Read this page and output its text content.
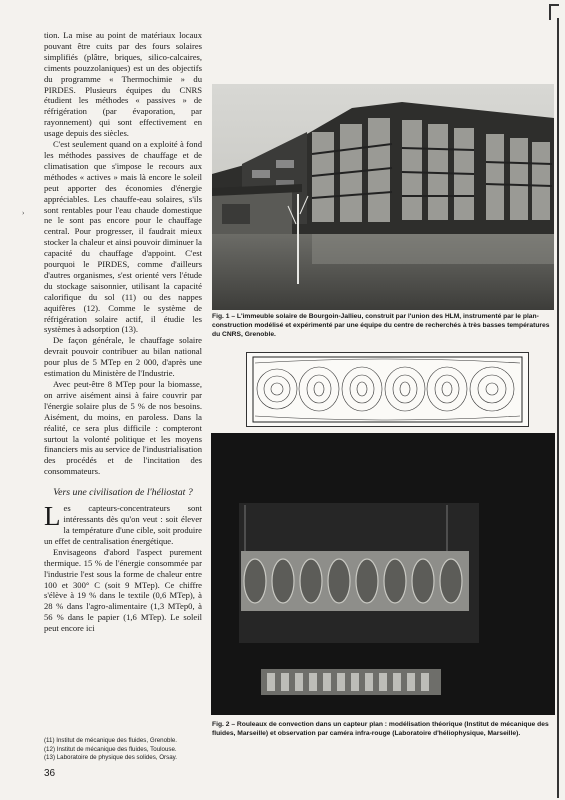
›

tion. La mise au point de matériaux locaux pouvant être cuits par des fours solaires simplifiés (plâtre, briques, silico-calcaires, ciments pouzzolaniques) est un des objectifs du programme « Thermochimie » du PIRDES. Plusieurs équipes du CNRS étudient les méthodes « passives » de réfrigération (par évaporation, par rayonnement) qui sont effectivement en usage depuis des siècles.

C'est seulement quand on a exploité à fond les méthodes passives de chauffage et de climatisation que s'impose le recours aux méthodes « actives » mais là encore le soleil peut apporter des économies d'énergie appréciables. Les chauffe-eau solaires, s'ils sont rentables pour l'eau chaude domestique ne le sont pas encore pour le chauffage central. Pour progresser, il faudrait mieux stocker la chaleur et ainsi pouvoir diminuer la capacité du chauffage d'appoint. C'est pourquoi le PIRDES, comme d'ailleurs d'autres organismes, s'est orienté vers l'étude du stockage saisonnier, utilisant la capacité calorifique du sol (11) ou des nappes aquifères (12). Comme le système de réfrigération solaire actif, il étudie les systèmes à adsorption (13).

De façon générale, le chauffage solaire devrait pouvoir contribuer au bilan national pour plus de 5 MTep en 2 000, d'après une estimation du Ministère de l'Industrie.

Avec peut-être 8 MTep pour la biomasse, on arrive aisément ainsi à faire couvrir par l'énergie solaire plus de 5 % de nos besoins. Aisément, du moins, en paroless. Dans la réalité, ce sera plus difficile : compteront surtout la volonté politique et les moyens financiers mis au service de l'industrialisation des procédés et de l'incitation des consommateurs.

Vers une civilisation de l'héliostat ?

Les capteurs-concentrateurs sont intéressants dès qu'on veut : soit élever la température d'une cible, soit produire un effet de centralisation énergétique.

Envisageons d'abord l'aspect purement thermique. 15 % de l'énergie consommée par l'industrie l'est sous la forme de chaleur entre 100 et 300° C (soit 9 MTep). Ce chiffre s'élève à 19 % dans le textile (0,6 MTep), à 28 % dans l'agro-alimentaire (1,3 MTep0, à 56 % dans le papier (1,6 MTep). Le soleil peut encore ici

(11) Institut de mécanique des fluides, Grenoble.
(12) Institut de mécanique des fluides, Toulouse.
(13) Laboratoire de physique des solides, Orsay.
36
Fig. 1 – L'immeuble solaire de Bourgoin-Jallieu, construit par l'union des HLM, instrumenté par le plan-construction modélisé et expérimenté par une équipe du centre de recherchés à très basses températures du CNRS, Grenoble.
Fig. 2 – Rouleaux de convection dans un capteur plan : modélisation théorique (Institut de mécanique des fluides, Marseille) et observation par caméra infra-rouge (Laboratoire d'héliophysique, Marseille).
